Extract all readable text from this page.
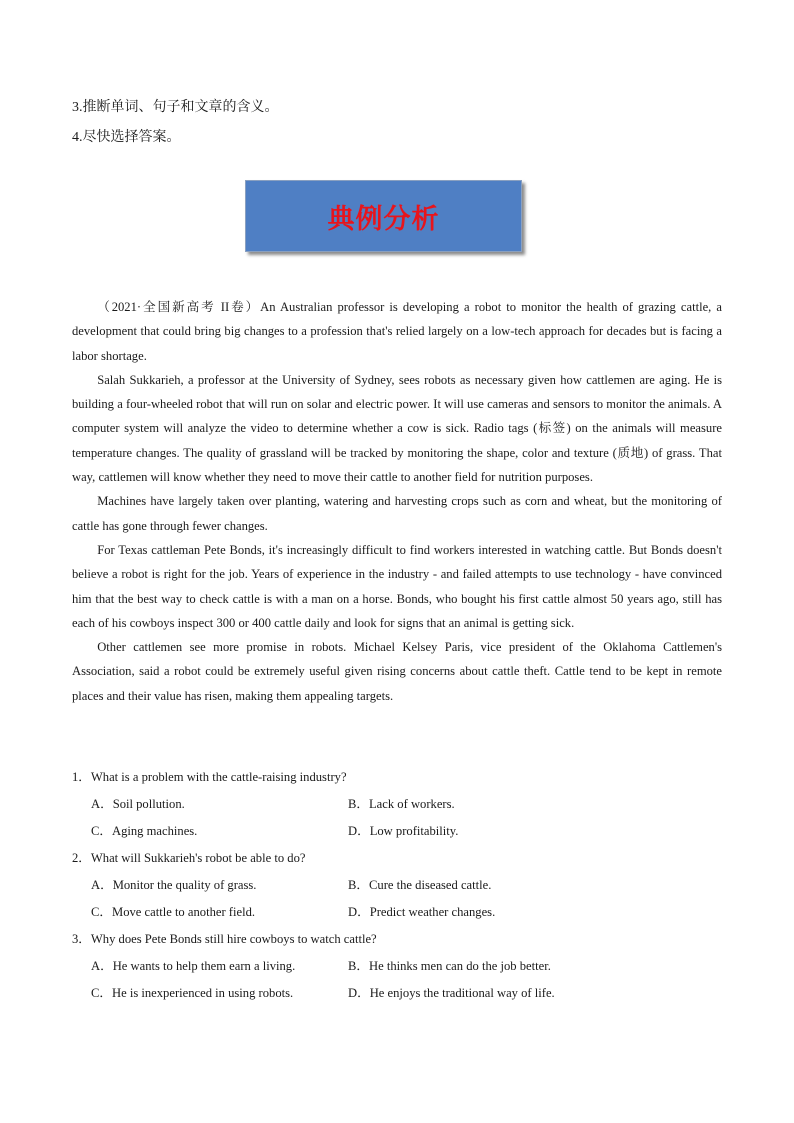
3.推断单词、句子和文章的含义。
4.尽快选择答案。
典例分析

（2021·全国新高考 II卷）An Australian professor is developing a robot to monitor the health of grazing cattle, a development that could bring big changes to a profession that's relied largely on a low-tech approach for decades but is facing a labor shortage.

Salah Sukkarieh, a professor at the University of Sydney, sees robots as necessary given how cattlemen are aging. He is building a four-wheeled robot that will run on solar and electric power. It will use cameras and sensors to monitor the animals. A computer system will analyze the video to determine whether a cow is sick. Radio tags (标签) on the animals will measure temperature changes. The quality of grassland will be tracked by monitoring the shape, color and texture (质地) of grass. That way, cattlemen will know whether they need to move their cattle to another field for nutrition purposes.

Machines have largely taken over planting, watering and harvesting crops such as corn and wheat, but the monitoring of cattle has gone through fewer changes.

For Texas cattleman Pete Bonds, it's increasingly difficult to find workers interested in watching cattle. But Bonds doesn't believe a robot is right for the job. Years of experience in the industry - and failed attempts to use technology - have convinced him that the best way to check cattle is with a man on a horse. Bonds, who bought his first cattle almost 50 years ago, still has each of his cowboys inspect 300 or 400 cattle daily and look for signs that an animal is getting sick.

Other cattlemen see more promise in robots. Michael Kelsey Paris, vice president of the Oklahoma Cattlemen's Association, said a robot could be extremely useful given rising concerns about cattle theft. Cattle tend to be kept in remote places and their value has risen, making them appealing targets.

1．What is a problem with the cattle-raising industry?
A．Soil pollution.	B．Lack of workers.
C．Aging machines.	D．Low profitability.
2．What will Sukkarieh's robot be able to do?
A．Monitor the quality of grass.	B．Cure the diseased cattle.
C．Move cattle to another field.	D．Predict weather changes.
3．Why does Pete Bonds still hire cowboys to watch cattle?
A．He wants to help them earn a living.	B．He thinks men can do the job better.
C．He is inexperienced in using robots.	D．He enjoys the traditional way of life.
